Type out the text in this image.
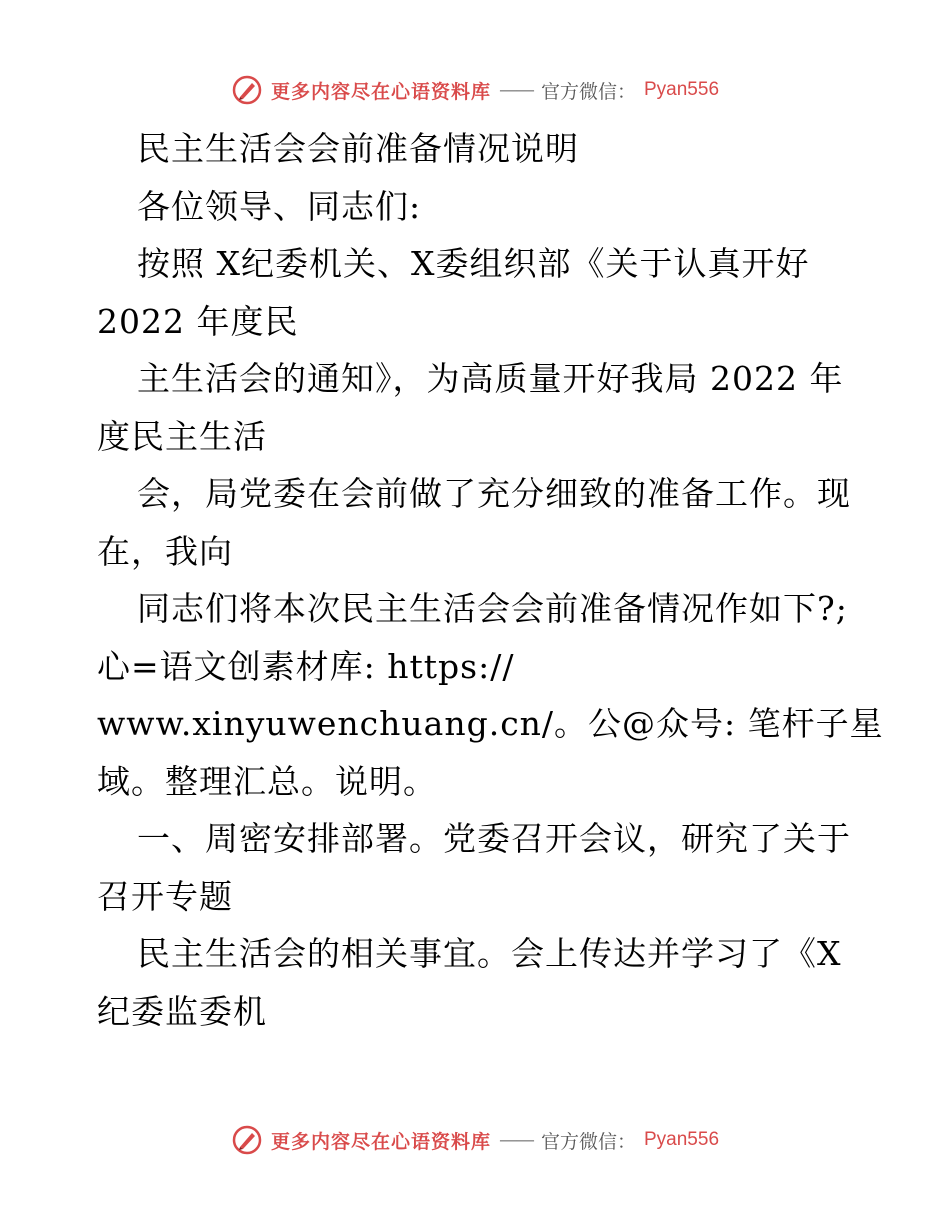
更多内容尽在心语资料库 —— 官方微信： Pyan556
民主生活会会前准备情况说明
各位领导、同志们:
按照 X纪委机关、X委组织部《关于认真开好
2022 年度民
主生活会的通知》，为高质量开好我局 2022 年
度民主生活
会，局党委在会前做了充分细致的准备工作。现
在，我向
同志们将本次民主生活会会前准备情况作如下?;
心=语文创素材库: https://
www.xinyuwenchuang.cn/。公@众号: 笔杆子星
域。整理汇总。说明。
一、周密安排部署。党委召开会议，研究了关于
召开专题
民主生活会的相关事宜。会上传达并学习了《X
纪委监委机
更多内容尽在心语资料库 —— 官方微信： Pyan556
